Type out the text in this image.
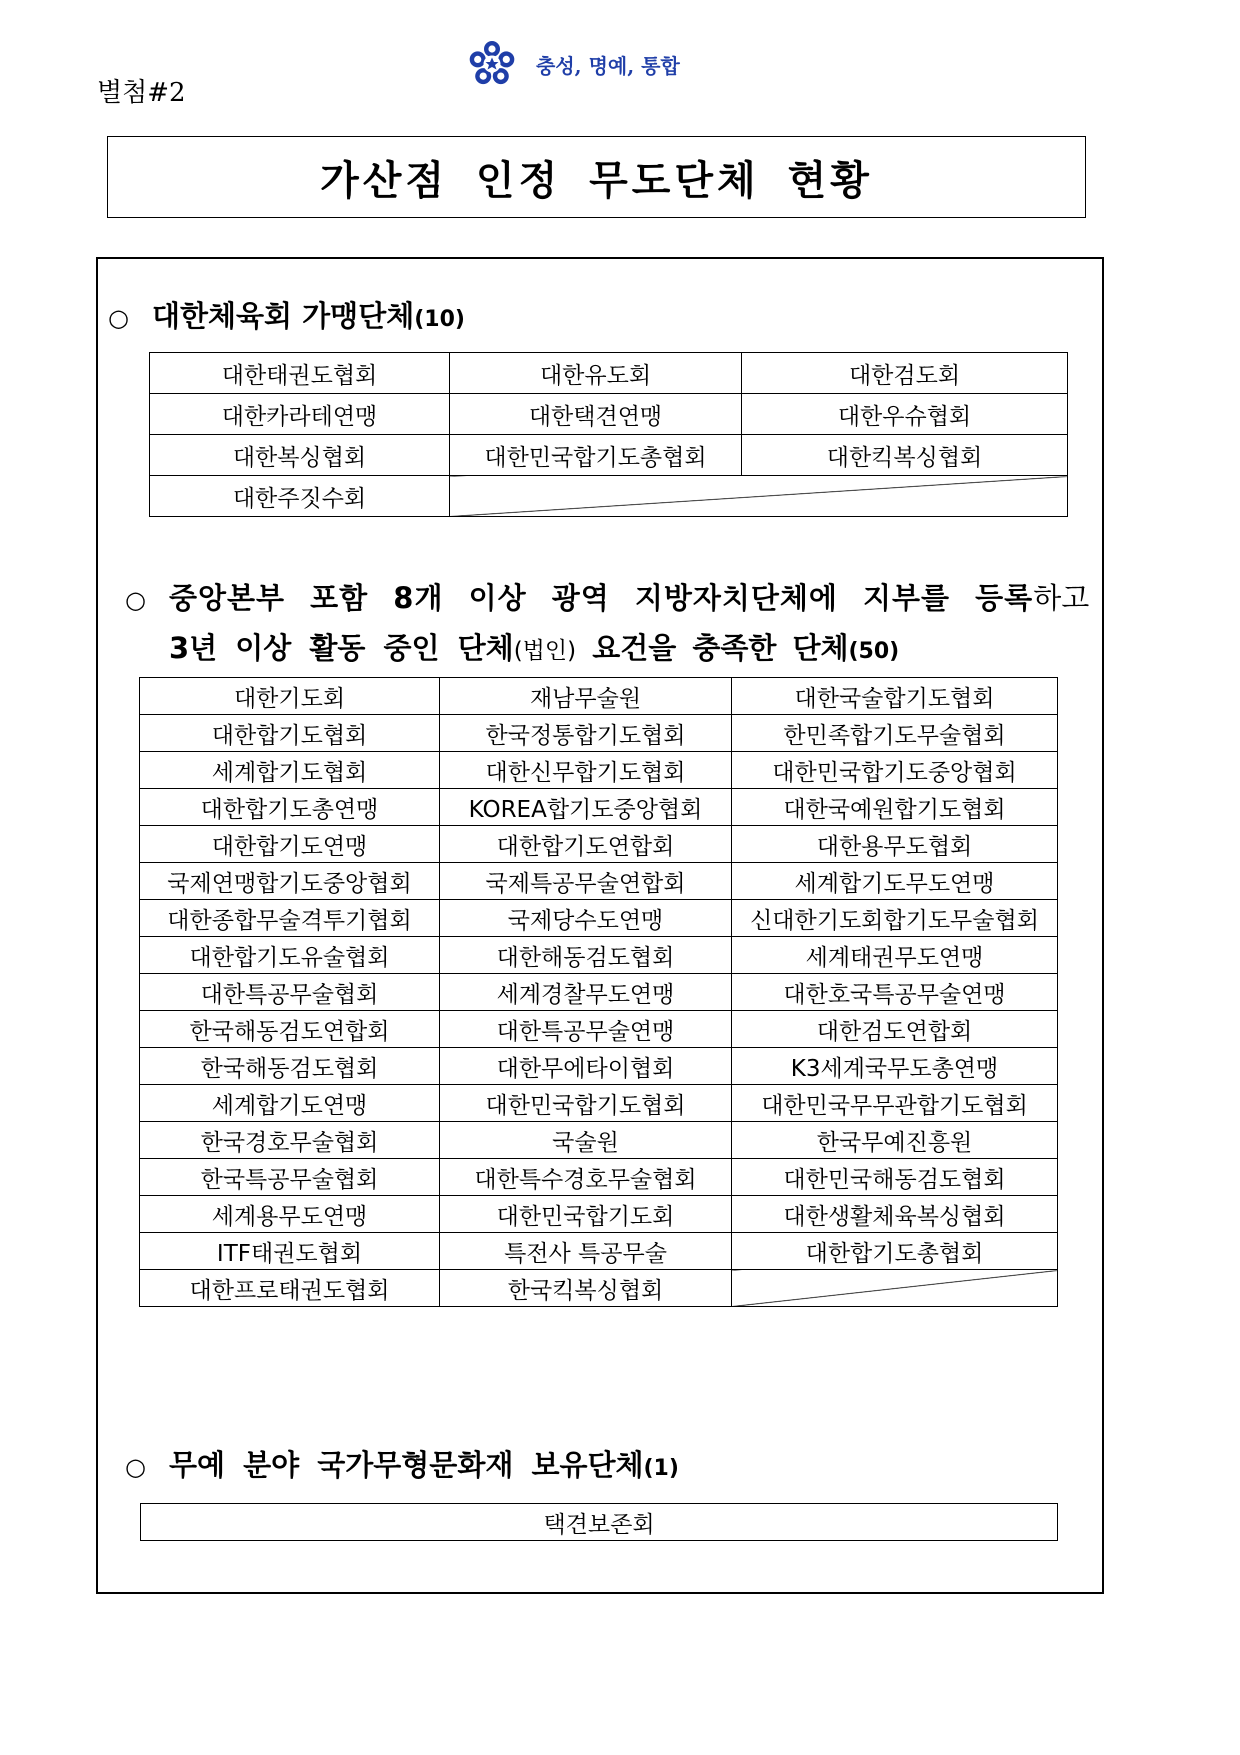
별첨#2
충성, 명예, 통합
가산점 인정 무도단체 현황
○ 대한체육회 가맹단체(10)
대한태권도협회	대한유도회	대한검도회
대한카라테연맹	대한택견연맹	대한우슈협회
대한복싱협회	대한민국합기도총협회	대한킥복싱협회
대한주짓수회		
○ 중앙본부 포함 8개 이상 광역 지방자치단체에 지부를 등록하고
3년 이상 활동 중인 단체(법인) 요건을 충족한 단체(50)
대한기도회	재남무술원	대한국술합기도협회
대한합기도협회	한국정통합기도협회	한민족합기도무술협회
세계합기도협회	대한신무합기도협회	대한민국합기도중앙협회
대한합기도총연맹	KOREA합기도중앙협회	대한국예원합기도협회
대한합기도연맹	대한합기도연합회	대한용무도협회
국제연맹합기도중앙협회	국제특공무술연합회	세계합기도무도연맹
대한종합무술격투기협회	국제당수도연맹	신대한기도회합기도무술협회
대한합기도유술협회	대한해동검도협회	세계태권무도연맹
대한특공무술협회	세계경찰무도연맹	대한호국특공무술연맹
한국해동검도연합회	대한특공무술연맹	대한검도연합회
한국해동검도협회	대한무에타이협회	K3세계국무도총연맹
세계합기도연맹	대한민국합기도협회	대한민국무무관합기도협회
한국경호무술협회	국술원	한국무예진흥원
한국특공무술협회	대한특수경호무술협회	대한민국해동검도협회
세계용무도연맹	대한민국합기도회	대한생활체육복싱협회
ITF태권도협회	특전사 특공무술	대한합기도총협회
대한프로태권도협회	한국킥복싱협회	
○ 무예 분야 국가무형문화재 보유단체(1)
택견보존회
